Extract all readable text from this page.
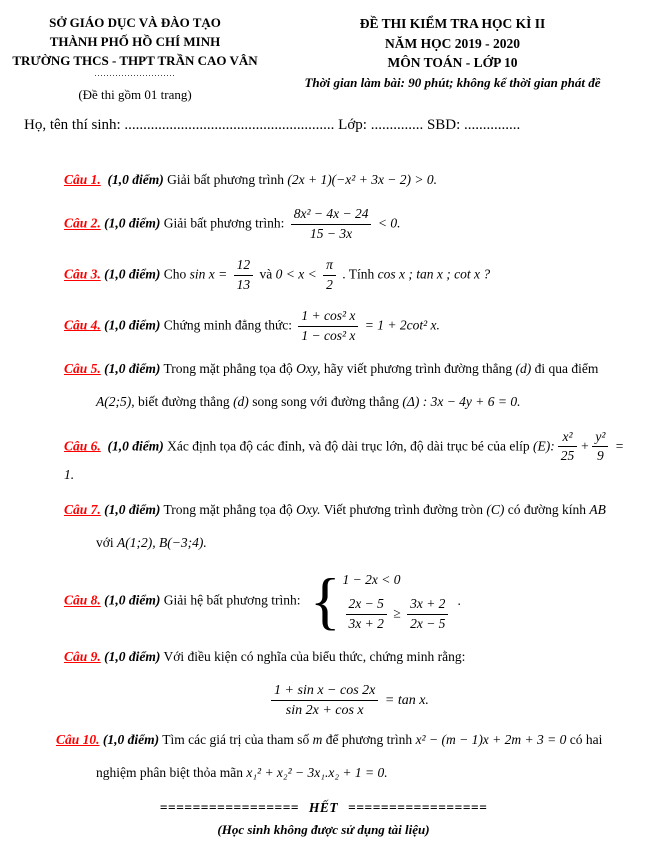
SỞ GIÁO DỤC VÀ ĐÀO TẠO
THÀNH PHỐ HỒ CHÍ MINH
TRƯỜNG THCS - THPT TRẦN CAO VÂN
...........................
(Đề thi gồm 01 trang)
ĐỀ THI KIỂM TRA HỌC KÌ II
NĂM HỌC 2019 - 2020
MÔN TOÁN - LỚP 10
Thời gian làm bài: 90 phút; không kể thời gian phát đề
Họ, tên thí sinh: ........................................................ Lớp: .............. SBD: ...............
Câu 1. (1,0 điểm) Giải bất phương trình (2x + 1)(−x² + 3x − 2) > 0.
Câu 2. (1,0 điểm) Giải bất phương trình: $\frac{\text{8x² − 4x − 24}}{15 - 3x} < 0$.
Câu 3. (1,0 điểm) Cho $\sin x = \frac{12}{13}$ và $0 < x < \frac{\pi}{2}$ . Tính cos x ; tan x ; cot x ?
Câu 4. (1,0 điểm) Chứng minh đẳng thức: $\frac{\text{1 + cos² x}}{\text{1 − cos² x}} = 1 + 2\cot^2$ x.
Câu 5. (1,0 điểm) Trong mặt phẳng tọa độ Oxy, hãy viết phương trình đường thẳng (d) đi qua điểm
A(2;5), biết đường thẳng (d) song song với đường thẳng (Δ) : 3x − 4y + 6 = 0.
Câu 6. (1,0 điểm) Xác định tọa độ các đỉnh, và độ dài trục lớn, độ dài trục bé của elíp (E): $\frac{\text{x²}}{25} + \frac{\text{y²}}{9} = 1$.
Câu 7. (1,0 điểm) Trong mặt phẳng tọa độ Oxy. Viết phương trình đường tròn (C) có đường kính AB
với A(1;2), B(−3;4).
Câu 8. (1,0 điểm) Giải hệ bất phương trình: { 1 − 2x < 0
$\frac{2x - 5}{3x + 2} \ge \frac{3x + 2}{2x - 5}$ .
Câu 9. (1,0 điểm) Với điều kiện có nghĩa của biểu thức, chứng minh rằng:
$\frac{\text{1 + sin x − cos 2x}}{\text{sin 2x + cos x}} = \tan x$.
Câu 10. (1,0 điểm) Tìm các giá trị của tham số m để phương trình x² − (m − 1)x + 2m + 3 = 0 có hai
nghiệm phân biệt thỏa mãn x₁² + x₂² − 3x₁.x₂ + 1 = 0.
================= HẾT =================
(Học sinh không được sử dụng tài liệu)
